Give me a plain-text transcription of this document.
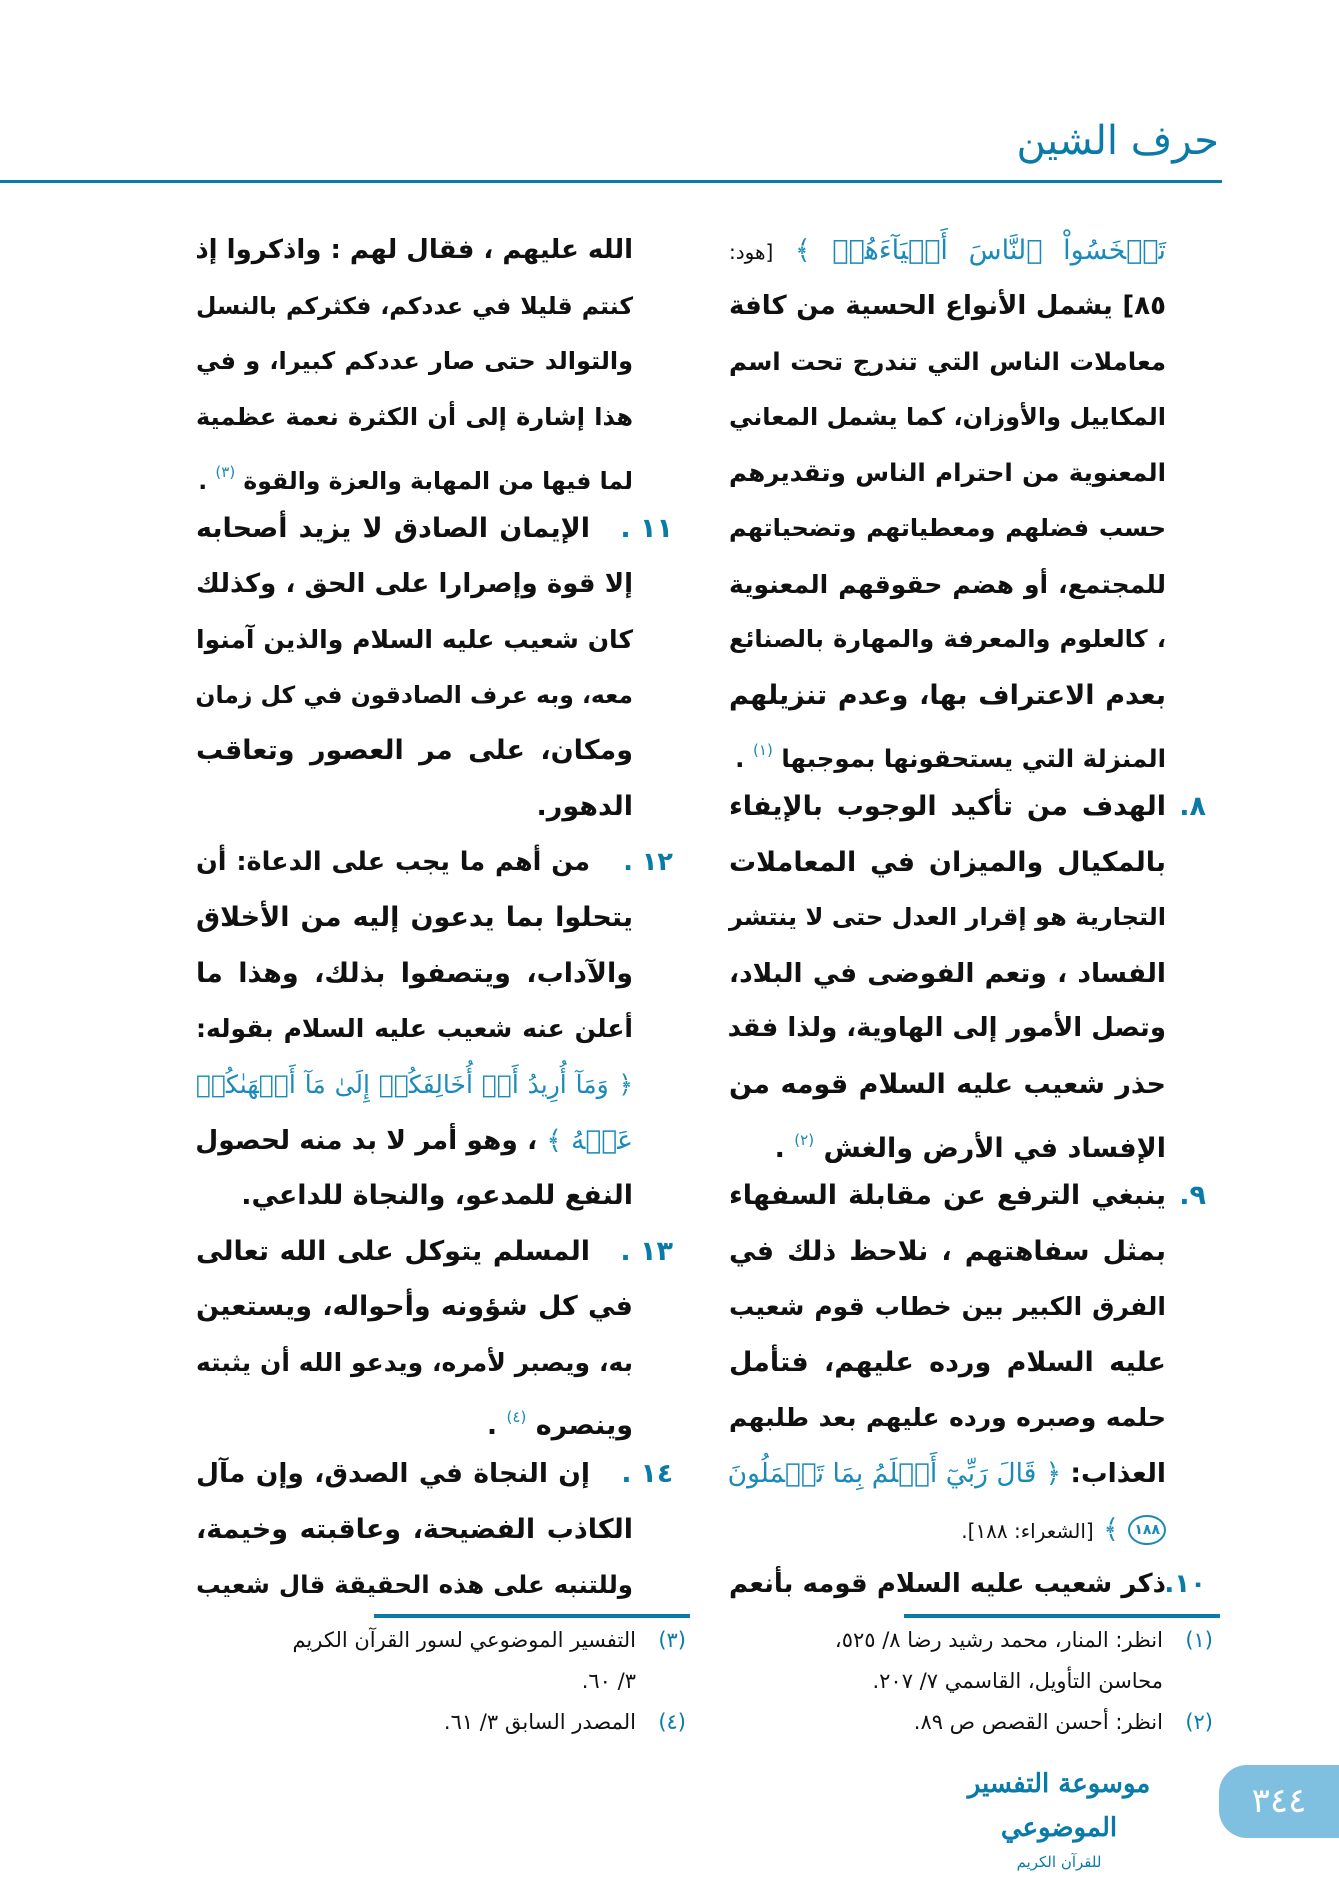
حرف الشين
تَبۡخَسُواْ ٱلنَّاسَ أَشۡيَآءَهُمۡ ﴾ [هود:
٨٥] يشمل الأنواع الحسية من كافة
معاملات الناس التي تندرج تحت اسم
المكاييل والأوزان، كما يشمل المعاني
المعنوية من احترام الناس وتقديرهم
حسب فضلهم ومعطياتهم وتضحياتهم
للمجتمع، أو هضم حقوقهم المعنوية
، كالعلوم والمعرفة والمهارة بالصنائع
بعدم الاعتراف بها، وعدم تنزيلهم
المنزلة التي يستحقونها بموجبها $^{(١)}$ .
٨.
الهدف من تأكيد الوجوب بالإيفاء
بالمكيال والميزان في المعاملات
التجارية هو إقرار العدل حتى لا ينتشر
الفساد ، وتعم الفوضى في البلاد،
وتصل الأمور إلى الهاوية، ولذا فقد
حذر شعيب عليه السلام قومه من
الإفساد في الأرض والغش $^{(٢)}$ .
٩.
ينبغي الترفع عن مقابلة السفهاء
بمثل سفاهتهم ، نلاحظ ذلك في
الفرق الكبير بين خطاب قوم شعيب
عليه السلام ورده عليهم، فتأمل
حلمه وصبره ورده عليهم بعد طلبهم
العذاب: ﴿ قَالَ رَبِّيٓ أَعۡلَمُ بِمَا تَعۡمَلُونَ
١٨٨ ﴾ [الشعراء: ١٨٨].
١٠.
ذكر شعيب عليه السلام قومه بأنعم
الله عليهم ، فقال لهم : واذكروا إذ
كنتم قليلا في عددكم، فكثركم بالنسل
والتوالد حتى صار عددكم كبيرا، و في
هذا إشارة إلى أن الكثرة نعمة عظمية
لما فيها من المهابة والعزة والقوة $^{(٣)}$ .
١١ .
الإيمان الصادق لا يزيد أصحابه
إلا قوة وإصرارا على الحق ، وكذلك
كان شعيب عليه السلام والذين آمنوا
معه، وبه عرف الصادقون في كل زمان
ومكان، على مر العصور وتعاقب
الدهور.
١٢ .
من أهم ما يجب على الدعاة: أن
يتحلوا بما يدعون إليه من الأخلاق
والآداب، ويتصفوا بذلك، وهذا ما
أعلن عنه شعيب عليه السلام بقوله:
﴿ وَمَآ أُرِيدُ أَنۡ أُخَالِفَكُمۡ إِلَىٰ مَآ أَنۡهَىٰكُمۡ
عَنۡهُ ﴾ ، وهو أمر لا بد منه لحصول
النفع للمدعو، والنجاة للداعي.
١٣ .
المسلم يتوكل على الله تعالى
في كل شؤونه وأحواله، ويستعين
به، ويصبر لأمره، ويدعو الله أن يثبته
وينصره $^{(٤)}$ .
١٤ .
إن النجاة في الصدق، وإن مآل
الكاذب الفضيحة، وعاقبته وخيمة،
وللتنبه على هذه الحقيقة قال شعيب
(١)
انظر: المنار، محمد رشيد رضا ٨/ ٥٢٥،
محاسن التأويل، القاسمي ٧/ ٢٠٧.
(٢)
انظر: أحسن القصص ص ٨٩.
(٣)
التفسير الموضوعي لسور القرآن الكريم
٣/ ٦٠.
(٤)
المصدر السابق ٣/ ٦١.
موسوعة التفسير الموضوعي
للقرآن الكريم
٣٤٤
